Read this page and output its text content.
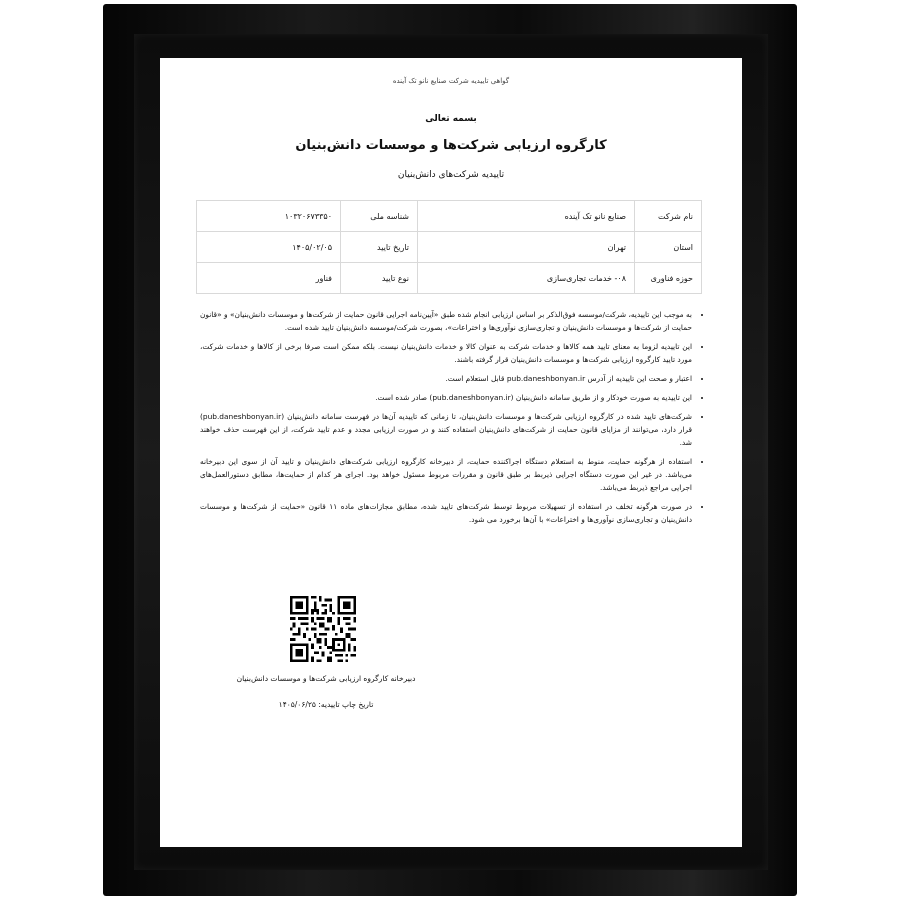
گواهی تاییدیه شرکت صنایع نانو تک آینده
بسمه تعالی
کارگروه ارزیابی شرکت‌ها و موسسات دانش‌بنیان
تاییدیه شرکت‌های دانش‌بنیان
نام شرکت	صنایع نانو تک آینده	شناسه ملی	۱۰۳۲۰۶۷۳۳۵۰
استان	تهران	تاریخ تایید	۱۴۰۵/۰۲/۰۵
حوزه فناوری	۰۸- خدمات تجاری‌سازی	نوع تایید	فناور
• به موجب این تاییدیه، شرکت/موسسه فوق‌الذکر بر اساس ارزیابی انجام شده طبق «آیین‌نامه اجرایی قانون حمایت از شرکت‌ها و موسسات دانش‌بنیان» و «قانون حمایت از شرکت‌ها و موسسات دانش‌بنیان و تجاری‌سازی نوآوری‌ها و اختراعات»، بصورت شرکت/موسسه دانش‌بنیان تایید شده است.
• این تاییدیه لزوما به معنای تایید همه کالاها و خدمات شرکت به عنوان کالا و خدمات دانش‌بنیان نیست. بلکه ممکن است صرفا برخی از کالاها و خدمات شرکت، مورد تایید کارگروه ارزیابی شرکت‌ها و موسسات دانش‌بنیان قرار گرفته باشند.
• اعتبار و صحت این تاییدیه از آدرس pub.daneshbonyan.ir قابل استعلام است.
• این تاییدیه به صورت خودکار و از طریق سامانه دانش‌بنیان (pub.daneshbonyan.ir) صادر شده است.
• شرکت‌های تایید شده در کارگروه ارزیابی شرکت‌ها و موسسات دانش‌بنیان، تا زمانی که تاییدیه آن‌ها در فهرست سامانه دانش‌بنیان (pub.daneshbonyan.ir) قرار دارد، می‌توانند از مزایای قانون حمایت از شرکت‌های دانش‌بنیان استفاده کنند و در صورت ارزیابی مجدد و عدم تایید شرکت، از این فهرست حذف خواهند شد.
• استفاده از هرگونه حمایت، منوط به استعلام دستگاه اجراکننده حمایت، از دبیرخانه کارگروه ارزیابی شرکت‌های دانش‌بنیان و تایید آن از سوی این دبیرخانه می‌باشد. در غیر این صورت دستگاه اجرایی ذیربط بر طبق قانون و مقررات مربوط مسئول خواهد بود. اجرای هر کدام از حمایت‌ها، مطابق دستورالعمل‌های اجرایی مراجع ذیربط می‌باشد.
• در صورت هرگونه تخلف در استفاده از تسهیلات مربوط توسط شرکت‌های تایید شده، مطابق مجازات‌های ماده ۱۱ قانون «حمایت از شرکت‌ها و موسسات دانش‌بنیان و تجاری‌سازی نوآوری‌ها و اختراعات» با آن‌ها برخورد می شود.
دبیرخانه کارگروه ارزیابی شرکت‌ها و موسسات دانش‌بنیان
تاریخ چاپ تاییدیه: ۱۴۰۵/۰۶/۲۵
